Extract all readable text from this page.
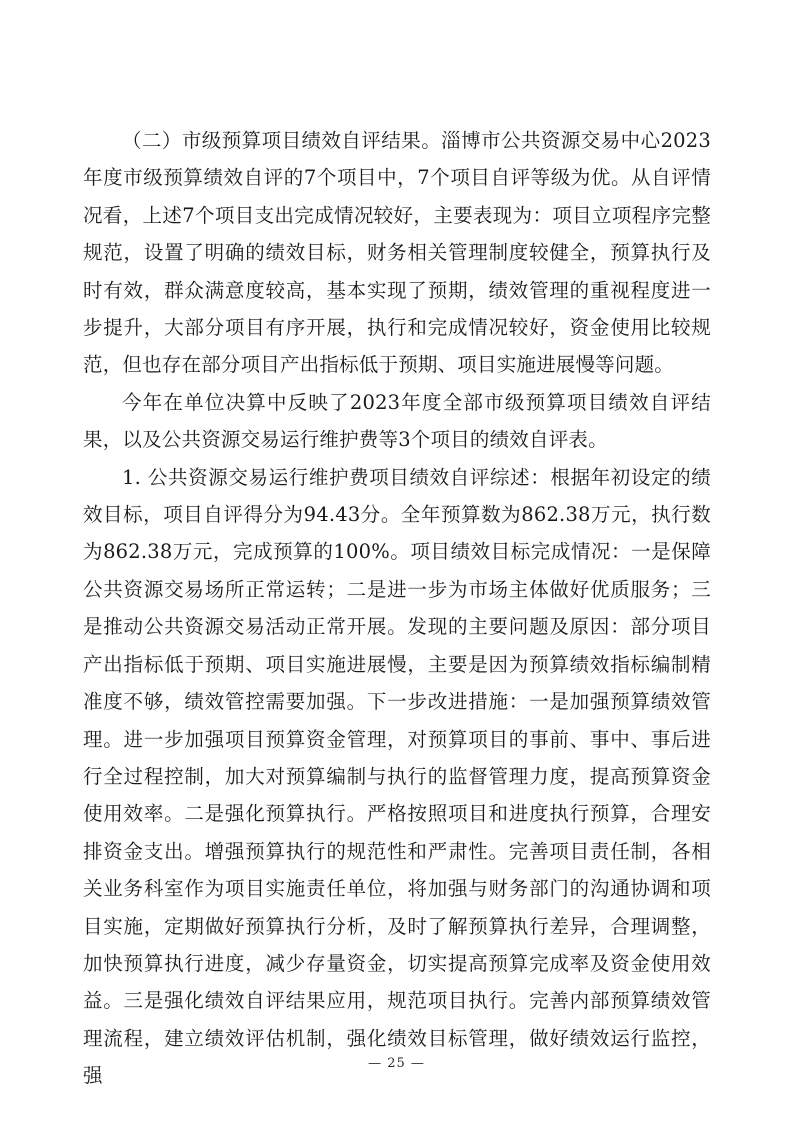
（二）市级预算项目绩效自评结果。淄博市公共资源交易中心2023年度市级预算绩效自评的7个项目中，7个项目自评等级为优。从自评情况看，上述7个项目支出完成情况较好，主要表现为：项目立项程序完整规范，设置了明确的绩效目标，财务相关管理制度较健全，预算执行及时有效，群众满意度较高，基本实现了预期，绩效管理的重视程度进一步提升，大部分项目有序开展，执行和完成情况较好，资金使用比较规范，但也存在部分项目产出指标低于预期、项目实施进展慢等问题。

今年在单位决算中反映了2023年度全部市级预算项目绩效自评结果，以及公共资源交易运行维护费等3个项目的绩效自评表。

1. 公共资源交易运行维护费项目绩效自评综述：根据年初设定的绩效目标，项目自评得分为94.43分。全年预算数为862.38万元，执行数为862.38万元，完成预算的100%。项目绩效目标完成情况：一是保障公共资源交易场所正常运转；二是进一步为市场主体做好优质服务；三是推动公共资源交易活动正常开展。发现的主要问题及原因：部分项目产出指标低于预期、项目实施进展慢，主要是因为预算绩效指标编制精准度不够，绩效管控需要加强。下一步改进措施：一是加强预算绩效管理。进一步加强项目预算资金管理，对预算项目的事前、事中、事后进行全过程控制，加大对预算编制与执行的监督管理力度，提高预算资金使用效率。二是强化预算执行。严格按照项目和进度执行预算，合理安排资金支出。增强预算执行的规范性和严肃性。完善项目责任制，各相关业务科室作为项目实施责任单位，将加强与财务部门的沟通协调和项目实施，定期做好预算执行分析，及时了解预算执行差异，合理调整，加快预算执行进度，减少存量资金，切实提高预算完成率及资金使用效益。三是强化绩效自评结果应用，规范项目执行。完善内部预算绩效管理流程，建立绩效评估机制，强化绩效目标管理，做好绩效运行监控，强

— 25 —
